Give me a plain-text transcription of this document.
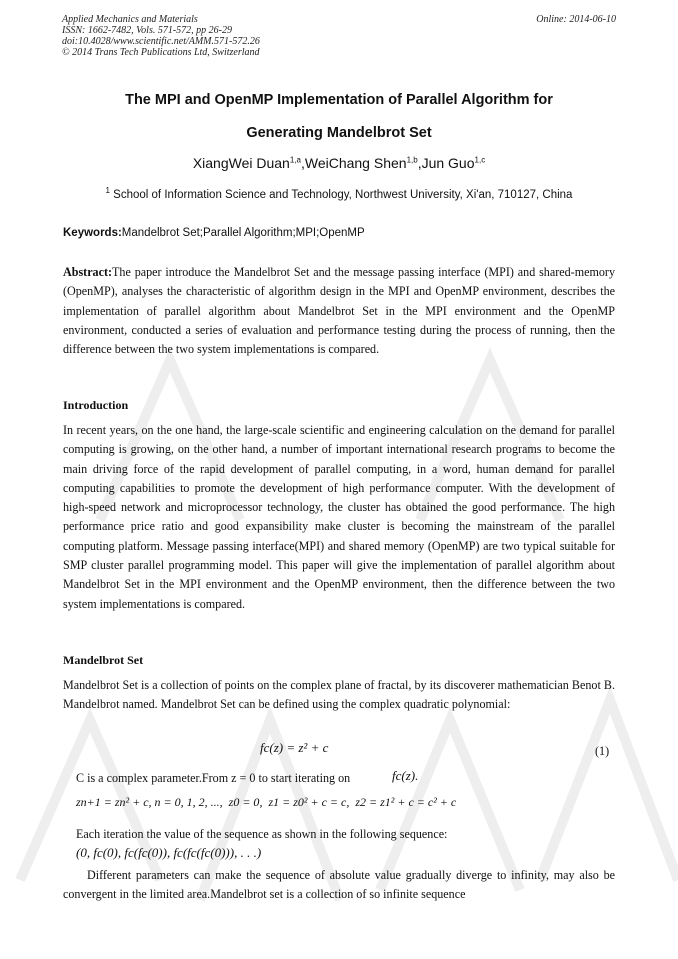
Applied Mechanics and Materials
ISSN: 1662-7482, Vols. 571-572, pp 26-29
doi:10.4028/www.scientific.net/AMM.571-572.26
© 2014 Trans Tech Publications Ltd, Switzerland
Online: 2014-06-10
The MPI and OpenMP Implementation of Parallel Algorithm for
Generating Mandelbrot Set
XiangWei Duan$^{1,a}$,WeiChang Shen$^{1,b}$,Jun Guo$^{1,c}$
$^1$ School of Information Science and Technology, Northwest University, Xi'an, 710127, China
Keywords:Mandelbrot Set;Parallel Algorithm;MPI;OpenMP

Abstract:The paper introduce the Mandelbrot Set and the message passing interface (MPI) and shared-memory (OpenMP), analyses the characteristic of algorithm design in the MPI and OpenMP environment, describes the implementation of parallel algorithm about Mandelbrot Set in the MPI environment and the OpenMP environment, conducted a series of evaluation and performance testing during the process of running, then the difference between the two system implementations is compared.

Introduction

In recent years, on the one hand, the large-scale scientific and engineering calculation on the demand for parallel computing is growing, on the other hand, a number of important international research programs to become the main driving force of the rapid development of parallel computing, in a word, human demand for parallel computing capabilities to promote the development of high performance computer. With the development of high-speed network and microprocessor technology, the cluster has obtained the good performance. The high performance price ratio and good expansibility make cluster is becoming the mainstream of the parallel computing platform. Message passing interface(MPI) and shared memory (OpenMP) are two typical suitable for SMP cluster parallel programming model. This paper will give the implementation of parallel algorithm about Mandelbrot Set in the MPI environment and the OpenMP environment, then the difference between the two system implementations is compared.

Mandelbrot Set

Mandelbrot Set is a collection of points on the complex plane of fractal, by its discoverer mathematician Benot B. Mandelbrot named. Mandelbrot Set can be defined using the complex quadratic polynomial:

fc(z) = z² + c	(1)
C is a complex parameter.From z = 0 to start iterating on	fc(z).
zn+1 = zn² + c, n = 0, 1, 2, ...,  z0 = 0,  z1 = z0² + c = c,  z2 = z1² + c = c² + c
Each iteration the value of the sequence as shown in the following sequence:
(0, fc(0), fc(fc(0)), fc(fc(fc(0))), . . .)

Different parameters can make the sequence of absolute value gradually diverge to infinity, may also be convergent in the limited area.Mandelbrot set is a collection of so infinite sequence
